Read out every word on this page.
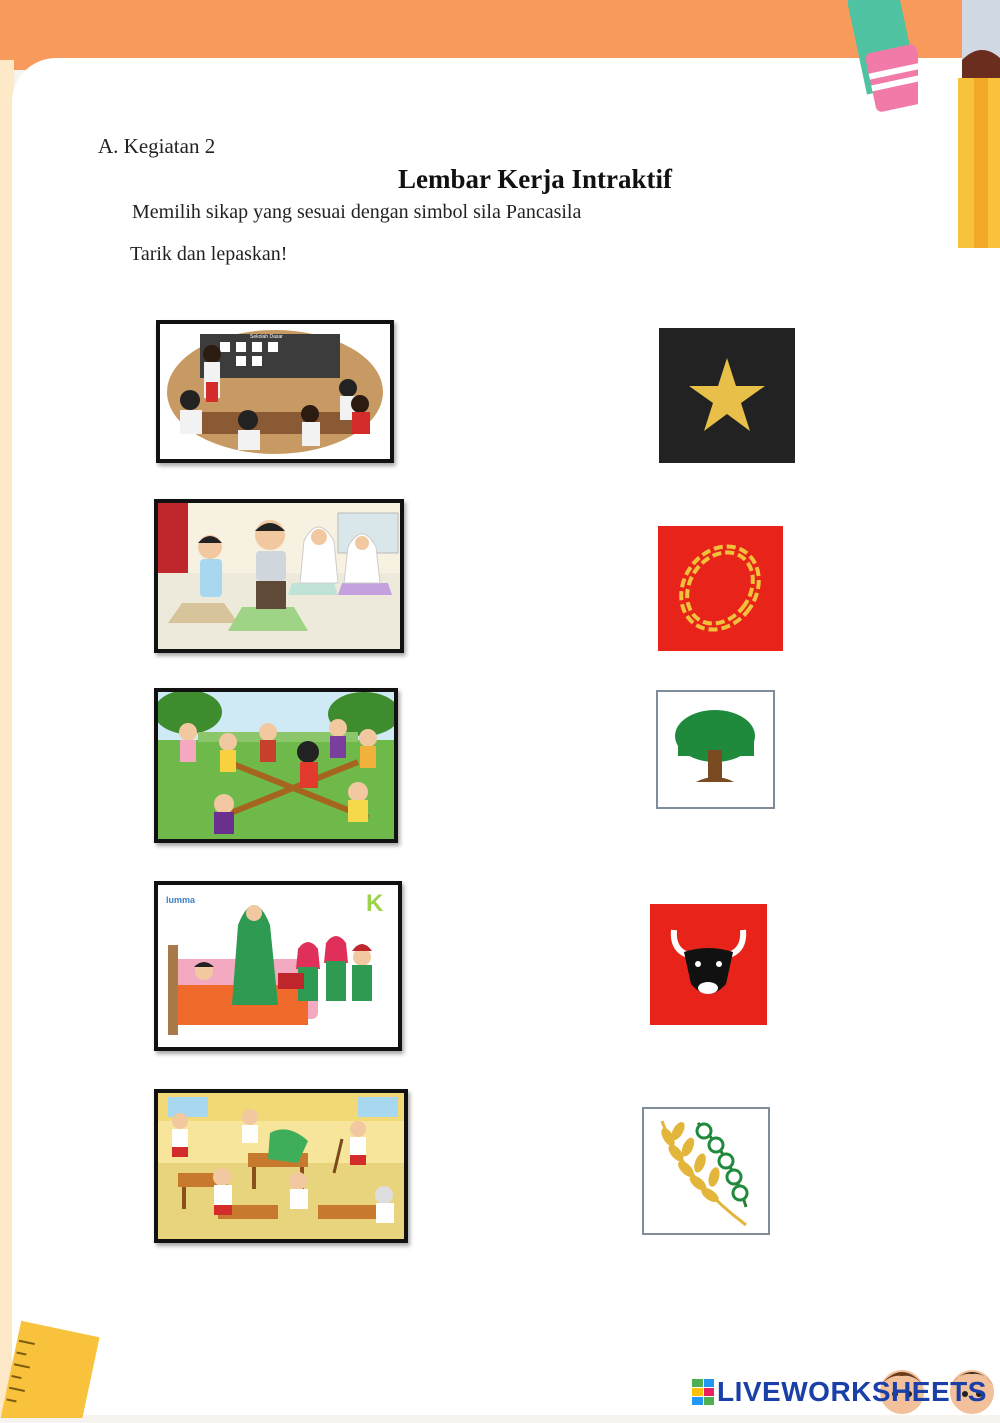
A. Kegiatan 2
Lembar Kerja Intraktif
Memilih sikap yang sesuai dengan simbol sila Pancasila
Tarik dan lepaskan!
Sekolah Dasar
lumma	K
LIVEWORKSHEETS
